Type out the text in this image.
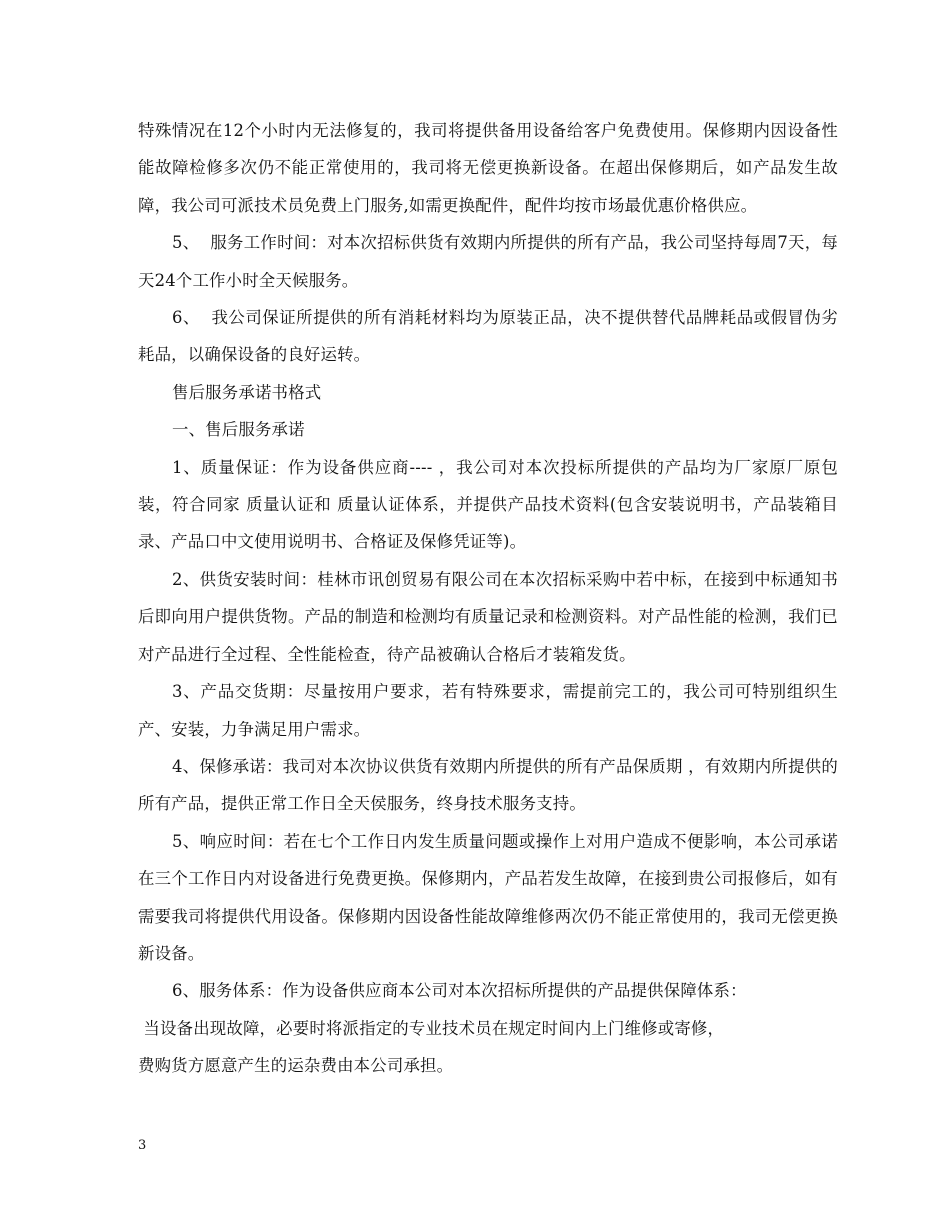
特殊情况在12个小时内无法修复的，我司将提供备用设备给客户免费使用。保修期内因设备性能故障检修多次仍不能正常使用的，我司将无偿更换新设备。在超出保修期后，如产品发生故障，我公司可派技术员免费上门服务,如需更换配件，配件均按市场最优惠价格供应。

5、  服务工作时间：对本次招标供货有效期内所提供的所有产品，我公司坚持每周7天，每天24个工作小时全天候服务。

6、  我公司保证所提供的所有消耗材料均为原装正品，决不提供替代品牌耗品或假冒伪劣耗品，以确保设备的良好运转。

售后服务承诺书格式

一、售后服务承诺

1、质量保证：作为设备供应商---- ，我公司对本次投标所提供的产品均为厂家原厂原包装，符合同家 质量认证和 质量认证体系，并提供产品技术资料(包含安装说明书，产品装箱目录、产品口中文使用说明书、合格证及保修凭证等)。

2、供货安装时间：桂林市讯创贸易有限公司在本次招标采购中若中标，在接到中标通知书后即向用户提供货物。产品的制造和检测均有质量记录和检测资料。对产品性能的检测，我们已对产品进行全过程、全性能检查，待产品被确认合格后才装箱发货。

3、产品交货期：尽量按用户要求，若有特殊要求，需提前完工的，我公司可特别组织生产、安装，力争满足用户需求。

4、保修承诺：我司对本次协议供货有效期内所提供的所有产品保质期 ，有效期内所提供的所有产品，提供正常工作日全天侯服务，终身技术服务支持。

5、响应时间：若在七个工作日内发生质量问题或操作上对用户造成不便影响，本公司承诺在三个工作日内对设备进行免费更换。保修期内，产品若发生故障，在接到贵公司报修后，如有需要我司将提供代用设备。保修期内因设备性能故障维修两次仍不能正常使用的，我司无偿更换新设备。

6、服务体系：作为设备供应商本公司对本次招标所提供的产品提供保障体系：
当设备出现故障，必要时将派指定的专业技术员在规定时间内上门维修或寄修，
费购货方愿意产生的运杂费由本公司承担。

3
